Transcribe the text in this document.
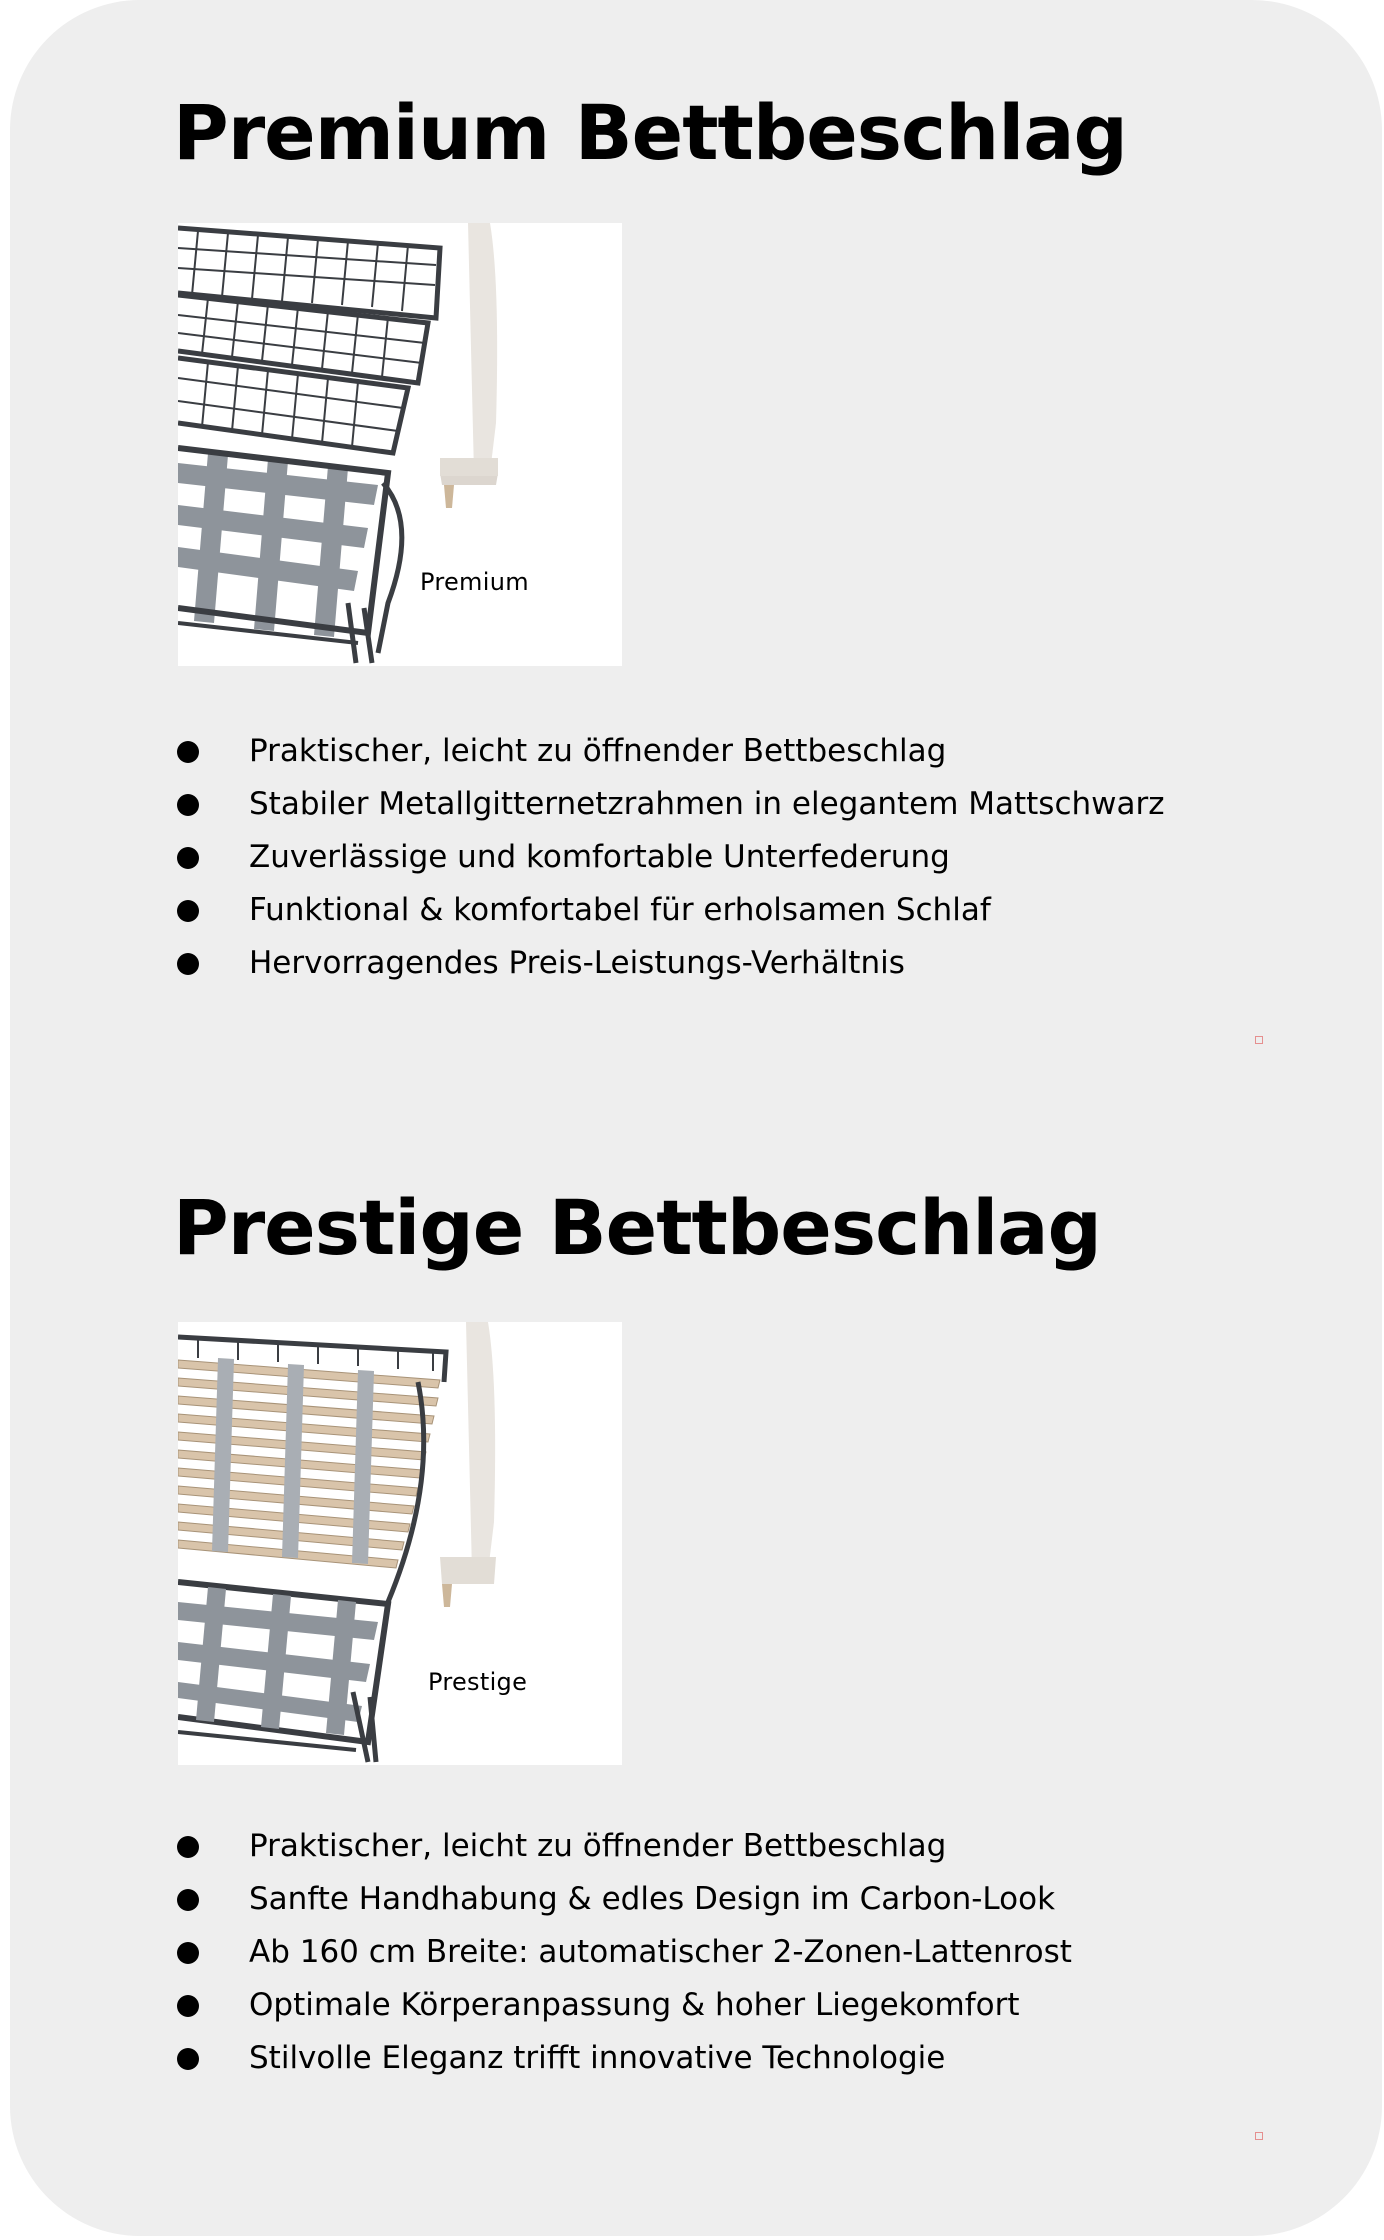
Premium Bettbeschlag
Premium
Praktischer, leicht zu öffnender Bettbeschlag
Stabiler Metallgitternetzrahmen in elegantem Mattschwarz
Zuverlässige und komfortable Unterfederung
Funktional & komfortabel für erholsamen Schlaf
Hervorragendes Preis-Leistungs-Verhältnis
Prestige Bettbeschlag
Prestige
Praktischer, leicht zu öffnender Bettbeschlag
Sanfte Handhabung & edles Design im Carbon-Look
Ab 160 cm Breite: automatischer 2-Zonen-Lattenrost
Optimale Körperanpassung & hoher Liegekomfort
Stilvolle Eleganz trifft innovative Technologie
